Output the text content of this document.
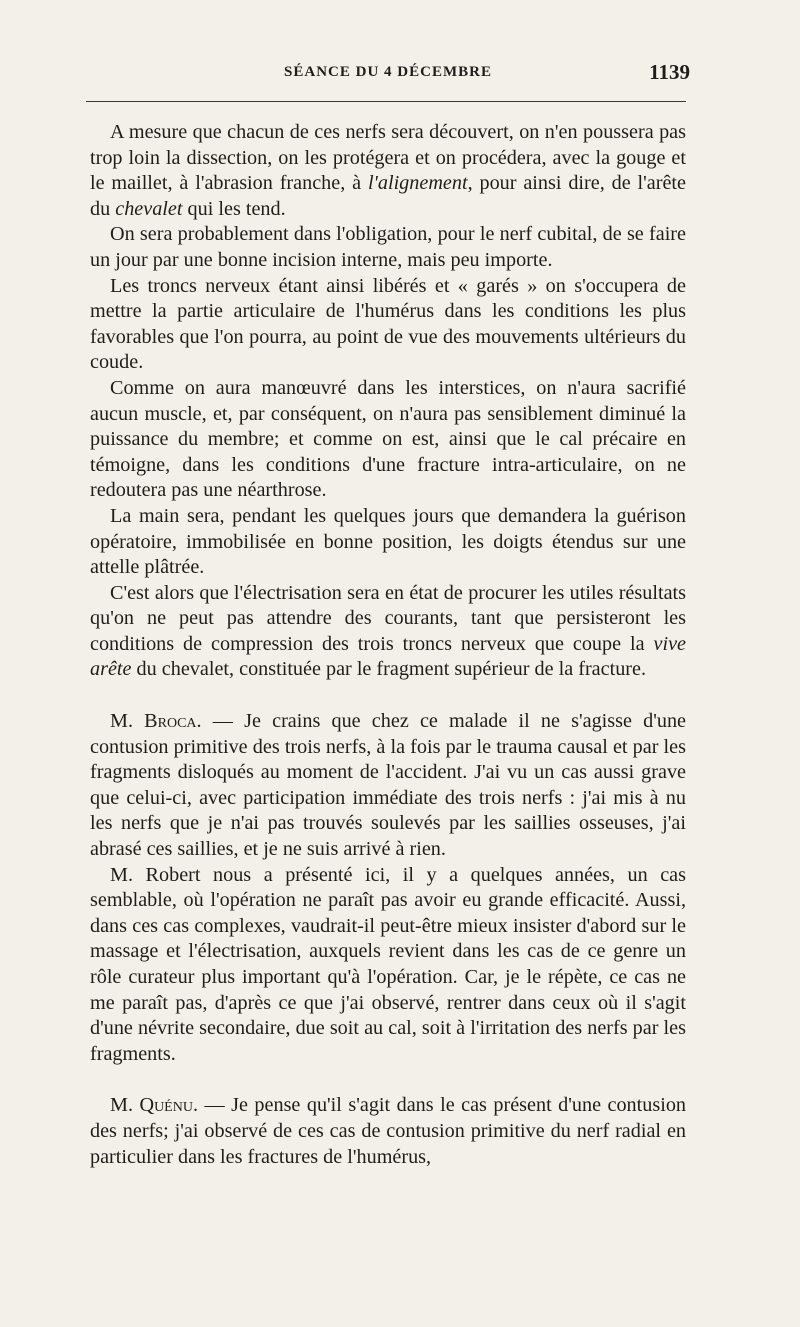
SÉANCE DU 4 DÉCEMBRE	1139

A mesure que chacun de ces nerfs sera découvert, on n'en poussera pas trop loin la dissection, on les protégera et on procédera, avec la gouge et le maillet, à l'abrasion franche, à l'alignement, pour ainsi dire, de l'arête du chevalet qui les tend.

On sera probablement dans l'obligation, pour le nerf cubital, de se faire un jour par une bonne incision interne, mais peu importe.

Les troncs nerveux étant ainsi libérés et « garés » on s'occupera de mettre la partie articulaire de l'humérus dans les conditions les plus favorables que l'on pourra, au point de vue des mouvements ultérieurs du coude.

Comme on aura manœuvré dans les interstices, on n'aura sacrifié aucun muscle, et, par conséquent, on n'aura pas sensiblement diminué la puissance du membre; et comme on est, ainsi que le cal précaire en témoigne, dans les conditions d'une fracture intra-articulaire, on ne redoutera pas une néarthrose.

La main sera, pendant les quelques jours que demandera la guérison opératoire, immobilisée en bonne position, les doigts étendus sur une attelle plâtrée.

C'est alors que l'électrisation sera en état de procurer les utiles résultats qu'on ne peut pas attendre des courants, tant que persisteront les conditions de compression des trois troncs nerveux que coupe la vive arête du chevalet, constituée par le fragment supérieur de la fracture.

M. Broca. — Je crains que chez ce malade il ne s'agisse d'une contusion primitive des trois nerfs, à la fois par le trauma causal et par les fragments disloqués au moment de l'accident. J'ai vu un cas aussi grave que celui-ci, avec participation immédiate des trois nerfs : j'ai mis à nu les nerfs que je n'ai pas trouvés soulevés par les saillies osseuses, j'ai abrasé ces saillies, et je ne suis arrivé à rien.

M. Robert nous a présenté ici, il y a quelques années, un cas semblable, où l'opération ne paraît pas avoir eu grande efficacité. Aussi, dans ces cas complexes, vaudrait-il peut-être mieux insister d'abord sur le massage et l'électrisation, auxquels revient dans les cas de ce genre un rôle curateur plus important qu'à l'opération. Car, je le répète, ce cas ne me paraît pas, d'après ce que j'ai observé, rentrer dans ceux où il s'agit d'une névrite secondaire, due soit au cal, soit à l'irritation des nerfs par les fragments.

M. Quénu. — Je pense qu'il s'agit dans le cas présent d'une contusion des nerfs; j'ai observé de ces cas de contusion primitive du nerf radial en particulier dans les fractures de l'humérus,
